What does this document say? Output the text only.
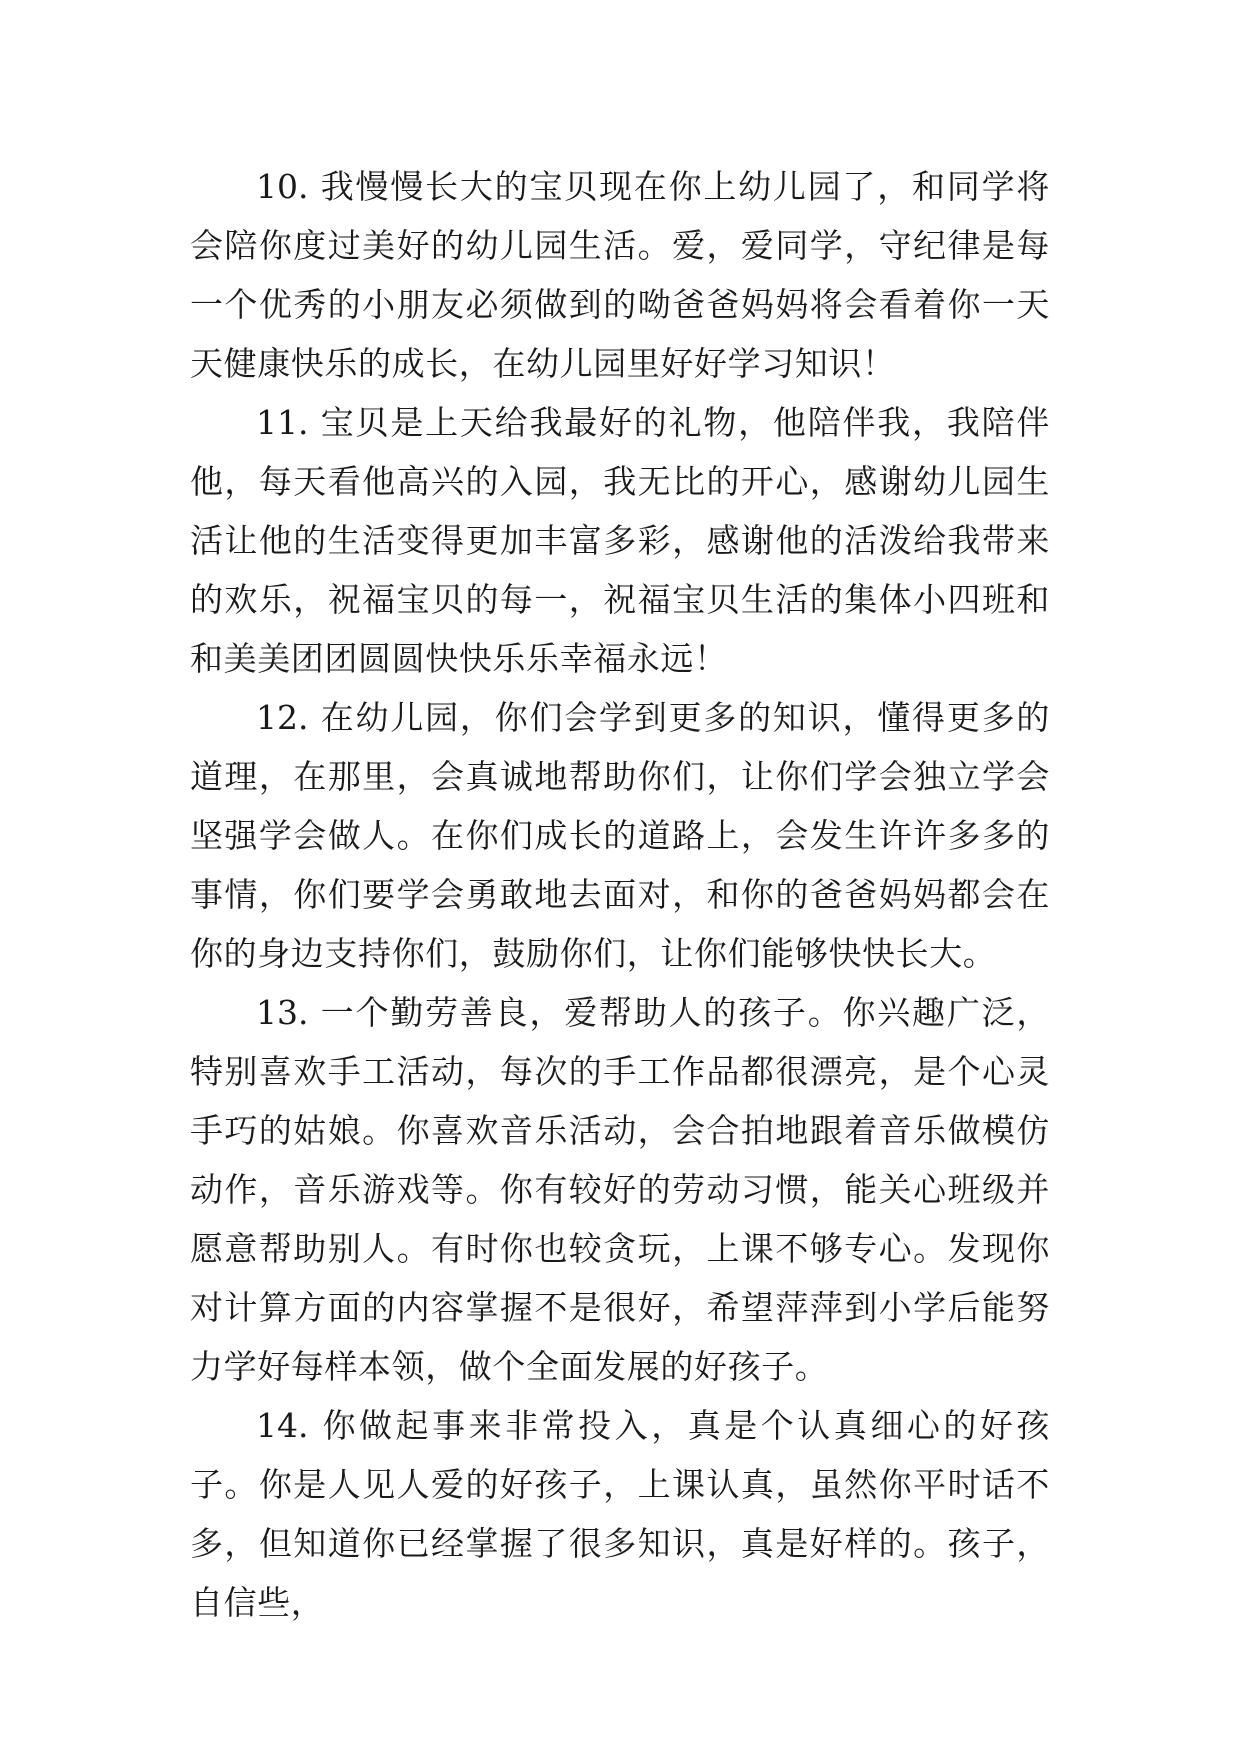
10. 我慢慢长大的宝贝现在你上幼儿园了，和同学将会陪你度过美好的幼儿园生活。爱，爱同学，守纪律是每一个优秀的小朋友必须做到的呦爸爸妈妈将会看着你一天天健康快乐的成长，在幼儿园里好好学习知识！

11. 宝贝是上天给我最好的礼物，他陪伴我，我陪伴他，每天看他高兴的入园，我无比的开心，感谢幼儿园生活让他的生活变得更加丰富多彩，感谢他的活泼给我带来的欢乐，祝福宝贝的每一，祝福宝贝生活的集体小四班和和美美团团圆圆快快乐乐幸福永远！

12. 在幼儿园，你们会学到更多的知识，懂得更多的道理，在那里，会真诚地帮助你们，让你们学会独立学会坚强学会做人。在你们成长的道路上，会发生许许多多的事情，你们要学会勇敢地去面对，和你的爸爸妈妈都会在你的身边支持你们，鼓励你们，让你们能够快快长大。

13. 一个勤劳善良，爱帮助人的孩子。你兴趣广泛，特别喜欢手工活动，每次的手工作品都很漂亮，是个心灵手巧的姑娘。你喜欢音乐活动，会合拍地跟着音乐做模仿动作，音乐游戏等。你有较好的劳动习惯，能关心班级并愿意帮助别人。有时你也较贪玩，上课不够专心。发现你对计算方面的内容掌握不是很好，希望萍萍到小学后能努力学好每样本领，做个全面发展的好孩子。

14. 你做起事来非常投入，真是个认真细心的好孩子。你是人见人爱的好孩子，上课认真，虽然你平时话不多，但知道你已经掌握了很多知识，真是好样的。孩子，自信些，
